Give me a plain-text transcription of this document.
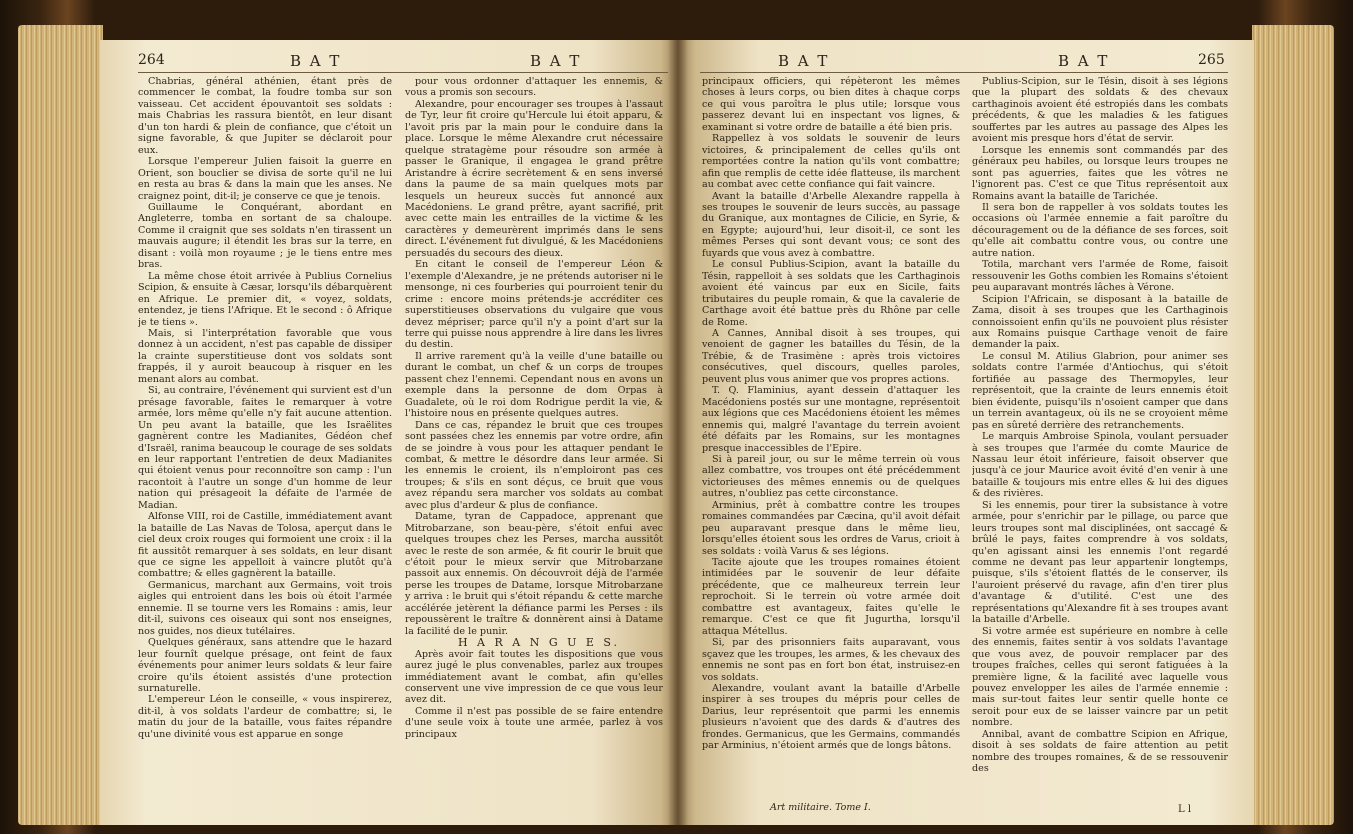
264	B A T	B A T

Chabrias, général athénien, étant près de commencer le combat, la foudre tomba sur son vaisseau. Cet accident épouvantoit ses soldats : mais Chabrias les rassura bientôt, en leur disant d'un ton hardi & plein de confiance, que c'étoit un signe favorable, & que Jupiter se déclaroit pour eux.

Lorsque l'empereur Julien faisoit la guerre en Orient, son bouclier se divisa de sorte qu'il ne lui en resta au bras & dans la main que les anses. Ne craignez point, dit-il; je conserve ce que je tenois.

Guillaume le Conquérant, abordant en Angleterre, tomba en sortant de sa chaloupe. Comme il craignit que ses soldats n'en tirassent un mauvais augure; il étendit les bras sur la terre, en disant : voilà mon royaume ; je le tiens entre mes bras.

La même chose étoit arrivée à Publius Cornelius Scipion, & ensuite à Cæsar, lorsqu'ils débarquèrent en Afrique. Le premier dit, « voyez, soldats, entendez, je tiens l'Afrique. Et le second : ô Afrique je te tiens ».

Mais, si l'interprétation favorable que vous donnez à un accident, n'est pas capable de dissiper la crainte superstitieuse dont vos soldats sont frappés, il y auroit beaucoup à risquer en les menant alors au combat.

Si, au contraire, l'événement qui survient est d'un présage favorable, faites le remarquer à votre armée, lors même qu'elle n'y fait aucune attention. Un peu avant la bataille, que les Israëlites gagnèrent contre les Madianites, Gédéon chef d'Israël, ranima beaucoup le courage de ses soldats en leur rapportant l'entretien de deux Madianites qui étoient venus pour reconnoître son camp : l'un racontoit à l'autre un songe d'un homme de leur nation qui présageoit la défaite de l'armée de Madian.

Alfonse VIII, roi de Castille, immédiatement avant la bataille de Las Navas de Tolosa, aperçut dans le ciel deux croix rouges qui formoient une croix : il la fit aussitôt remarquer à ses soldats, en leur disant que ce signe les appelloit à vaincre plutôt qu'à combattre; & elles gagnèrent la bataille.

Germanicus, marchant aux Germains, voit trois aigles qui entroient dans les bois où étoit l'armée ennemie. Il se tourne vers les Romains : amis, leur dit-il, suivons ces oiseaux qui sont nos enseignes, nos guides, nos dieux tutélaires.

Quelques généraux, sans attendre que le hazard leur fournît quelque présage, ont feint de faux événements pour animer leurs soldats & leur faire croire qu'ils étoient assistés d'une protection surnaturelle.

L'empereur Léon le conseille, « vous inspirerez, dit-il, à vos soldats l'ardeur de combattre; si, le matin du jour de la bataille, vous faites répandre qu'une divinité vous est apparue en songe

pour vous ordonner d'attaquer les ennemis, & vous a promis son secours.

Alexandre, pour encourager ses troupes à l'assaut de Tyr, leur fit croire qu'Hercule lui étoit apparu, & l'avoit pris par la main pour le conduire dans la place. Lorsque le même Alexandre crut nécessaire quelque stratagème pour résoudre son armée à passer le Granique, il engagea le grand prêtre Aristandre à écrire secrètement & en sens inversé dans la paume de sa main quelques mots par lesquels un heureux succès fut annoncé aux Macédoniens. Le grand prêtre, ayant sacrifié, prit avec cette main les entrailles de la victime & les caractères y demeurèrent imprimés dans le sens direct. L'événement fut divulgué, & les Macédoniens persuadés du secours des dieux.

En citant le conseil de l'empereur Léon & l'exemple d'Alexandre, je ne prétends autoriser ni le mensonge, ni ces fourberies qui pourroient tenir du crime : encore moins prétends-je accréditer ces superstitieuses observations du vulgaire que vous devez mépriser; parce qu'il n'y a point d'art sur la terre qui puisse nous apprendre à lire dans les livres du destin.

Il arrive rarement qu'à la veille d'une bataille ou durant le combat, un chef & un corps de troupes passent chez l'ennemi. Cependant nous en avons un exemple dans la personne de dom Orpas à Guadalete, où le roi dom Rodrigue perdit la vie, & l'histoire nous en présente quelques autres.

Dans ce cas, répandez le bruit que ces troupes sont passées chez les ennemis par votre ordre, afin de se joindre à vous pour les attaquer pendant le combat, & mettre le désordre dans leur armée. Si les ennemis le croient, ils n'emploiront pas ces troupes; & s'ils en sont déçus, ce bruit que vous avez répandu sera marcher vos soldats au combat avec plus d'ardeur & plus de confiance.

Datame, tyran de Cappadoce, apprenant que Mitrobarzane, son beau-père, s'étoit enfui avec quelques troupes chez les Perses, marcha aussitôt avec le reste de son armée, & fit courir le bruit que c'étoit pour le mieux servir que Mitrobarzane passoit aux ennemis. On découvroit déjà de l'armée perse les troupes de Datame, lorsque Mitrobarzane y arriva : le bruit qui s'étoit répandu & cette marche accélérée jetèrent la défiance parmi les Perses : ils repoussèrent le traître & donnèrent ainsi à Datame la facilité de le punir.

H A R A N G U E S.

Après avoir fait toutes les dispositions que vous aurez jugé le plus convenables, parlez aux troupes immédiatement avant le combat, afin qu'elles conservent une vive impression de ce que vous leur avez dit.

Comme il n'est pas possible de se faire entendre d'une seule voix à toute une armée, parlez à vos principaux

B A T	B A T	265

principaux officiers, qui répèteront les mêmes choses à leurs corps, ou bien dites à chaque corps ce qui vous paroîtra le plus utile; lorsque vous passerez devant lui en inspectant vos lignes, & examinant si votre ordre de bataille a été bien pris.

Rappellez à vos soldats le souvenir de leurs victoires, & principalement de celles qu'ils ont remportées contre la nation qu'ils vont combattre; afin que remplis de cette idée flatteuse, ils marchent au combat avec cette confiance qui fait vaincre.

Avant la bataille d'Arbelle Alexandre rappella à ses troupes le souvenir de leurs succès, au passage du Granique, aux montagnes de Cilicie, en Syrie, & en Egypte; aujourd'hui, leur disoit-il, ce sont les mêmes Perses qui sont devant vous; ce sont des fuyards que vous avez à combattre.

Le consul Publius-Scipion, avant la bataille du Tésin, rappelloit à ses soldats que les Carthaginois avoient été vaincus par eux en Sicile, faits tributaires du peuple romain, & que la cavalerie de Carthage avoit été battue près du Rhône par celle de Rome.

A Cannes, Annibal disoit à ses troupes, qui venoient de gagner les batailles du Tésin, de la Trébie, & de Trasimène : après trois victoires consécutives, quel discours, quelles paroles, peuvent plus vous animer que vos propres actions.

T. Q. Flaminius, ayant dessein d'attaquer les Macédoniens postés sur une montagne, représentoit aux légions que ces Macédoniens étoient les mêmes ennemis qui, malgré l'avantage du terrein avoient été défaits par les Romains, sur les montagnes presque inaccessibles de l'Epire.

Si à pareil jour, ou sur le même terrein où vous allez combattre, vos troupes ont été précédemment victorieuses des mêmes ennemis ou de quelques autres, n'oubliez pas cette circonstance.

Arminius, prêt à combattre contre les troupes romaines commandées par Cæcina, qu'il avoit défait peu auparavant presque dans le même lieu, lorsqu'elles étoient sous les ordres de Varus, crioit à ses soldats : voilà Varus & ses légions.

Tacite ajoute que les troupes romaines étoient intimidées par le souvenir de leur défaite précédente, que ce malheureux terrein leur reprochoit. Si le terrein où votre armée doit combattre est avantageux, faites qu'elle le remarque. C'est ce que fit Jugurtha, lorsqu'il attaqua Métellus.

Si, par des prisonniers faits auparavant, vous sçavez que les troupes, les armes, & les chevaux des ennemis ne sont pas en fort bon état, instruisez-en vos soldats.

Alexandre, voulant avant la bataille d'Arbelle inspirer à ses troupes du mépris pour celles de Darius, leur représentoit que parmi les ennemis plusieurs n'avoient que des dards & d'autres des frondes. Germanicus, que les Germains, commandés par Arminius, n'étoient armés que de longs bâtons.

Publius-Scipion, sur le Tésin, disoit à ses légions que la plupart des soldats & des chevaux carthaginois avoient été estropiés dans les combats précédents, & que les maladies & les fatigues souffertes par les autres au passage des Alpes les avoient mis presque hors d'état de servir.

Lorsque les ennemis sont commandés par des généraux peu habiles, ou lorsque leurs troupes ne sont pas aguerries, faites que les vôtres ne l'ignorent pas. C'est ce que Titus représentoit aux Romains avant la bataille de Tarichée.

Il sera bon de rappeller à vos soldats toutes les occasions où l'armée ennemie a fait paroître du découragement ou de la défiance de ses forces, soit qu'elle ait combattu contre vous, ou contre une autre nation.

Totila, marchant vers l'armée de Rome, faisoit ressouvenir les Goths combien les Romains s'étoient peu auparavant montrés lâches à Vérone.

Scipion l'Africain, se disposant à la bataille de Zama, disoit à ses troupes que les Carthaginois connoissoient enfin qu'ils ne pouvoient plus résister aux Romains puisque Carthage venoit de faire demander la paix.

Le consul M. Atilius Glabrion, pour animer ses soldats contre l'armée d'Antiochus, qui s'étoit fortifiée au passage des Thermopyles, leur représentoit, que la crainte de leurs ennemis étoit bien évidente, puisqu'ils n'osoient camper que dans un terrein avantageux, où ils ne se croyoient même pas en sûreté derrière des retranchements.

Le marquis Ambroise Spinola, voulant persuader à ses troupes que l'armée du comte Maurice de Nassau leur étoit inférieure, faisoit observer que jusqu'à ce jour Maurice avoit évité d'en venir à une bataille & toujours mis entre elles & lui des digues & des rivières.

Si les ennemis, pour tirer la subsistance à votre armée, pour s'enrichir par le pillage, ou parce que leurs troupes sont mal disciplinées, ont saccagé & brûlé le pays, faites comprendre à vos soldats, qu'en agissant ainsi les ennemis l'ont regardé comme ne devant pas leur appartenir longtemps, puisque, s'ils s'étoient flattés de le conserver, ils l'auroient préservé du ravage, afin d'en tirer plus d'avantage & d'utilité. C'est une des représentations qu'Alexandre fit à ses troupes avant la bataille d'Arbelle.

Si votre armée est supérieure en nombre à celle des ennemis, faites sentir à vos soldats l'avantage que vous avez, de pouvoir remplacer par des troupes fraîches, celles qui seront fatiguées à la première ligne, & la facilité avec laquelle vous pouvez envelopper les ailes de l'armée ennemie : mais sur-tout faites leur sentir quelle honte ce seroit pour eux de se laisser vaincre par un petit nombre.

Annibal, avant de combattre Scipion en Afrique, disoit à ses soldats de faire attention au petit nombre des troupes romaines, & de se ressouvenir des

Art militaire. Tome I.	L l
